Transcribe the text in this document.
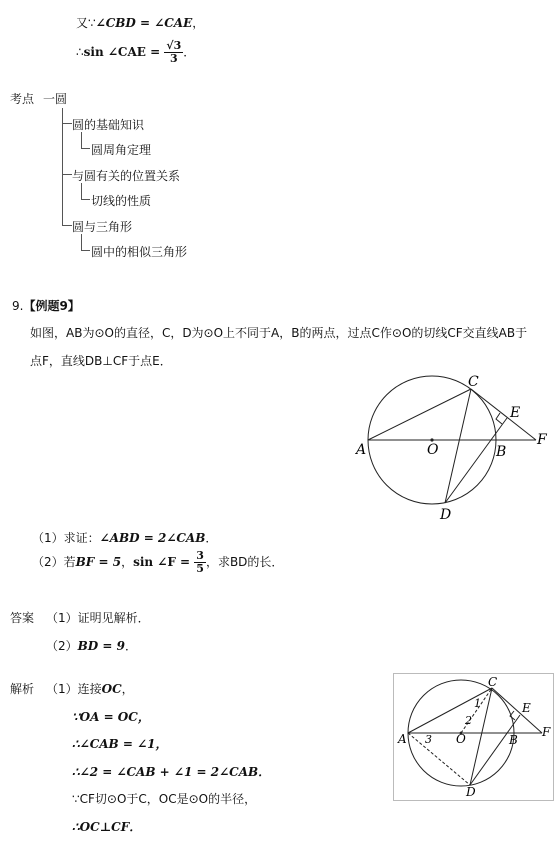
又∵∠CBD = ∠CAE，
∴sin ∠CAE = $\frac{√3}{3}$ ．
考点 一圆
圆的基础知识
圆周角定理
与圆有关的位置关系
切线的性质
圆与三角形
圆中的相似三角形
9.【例题9】
如图，AB为⊙O的直径，C，D为⊙O上不同于A，B的两点，过点C作⊙O的切线CF交直线AB于
点F，直线DB⊥CF于点E．
A	O	B
C
D
E
F
（1）求证：∠ABD = 2∠CAB．
（2）若BF = 5，sin ∠F = $\frac{3}{5}$ ，求BD的长．
答案 （1）证明见解析．
（2）BD = 9．
解析 （1）连接OC，
∵OA = OC，
∴∠CAB = ∠1，
∴∠2 = ∠CAB + ∠1 = 2∠CAB．
∵CF切⊙O于C，OC是⊙O的半径，
∴OC⊥CF．
A	O	B
C
D
E
F
1
2
3
